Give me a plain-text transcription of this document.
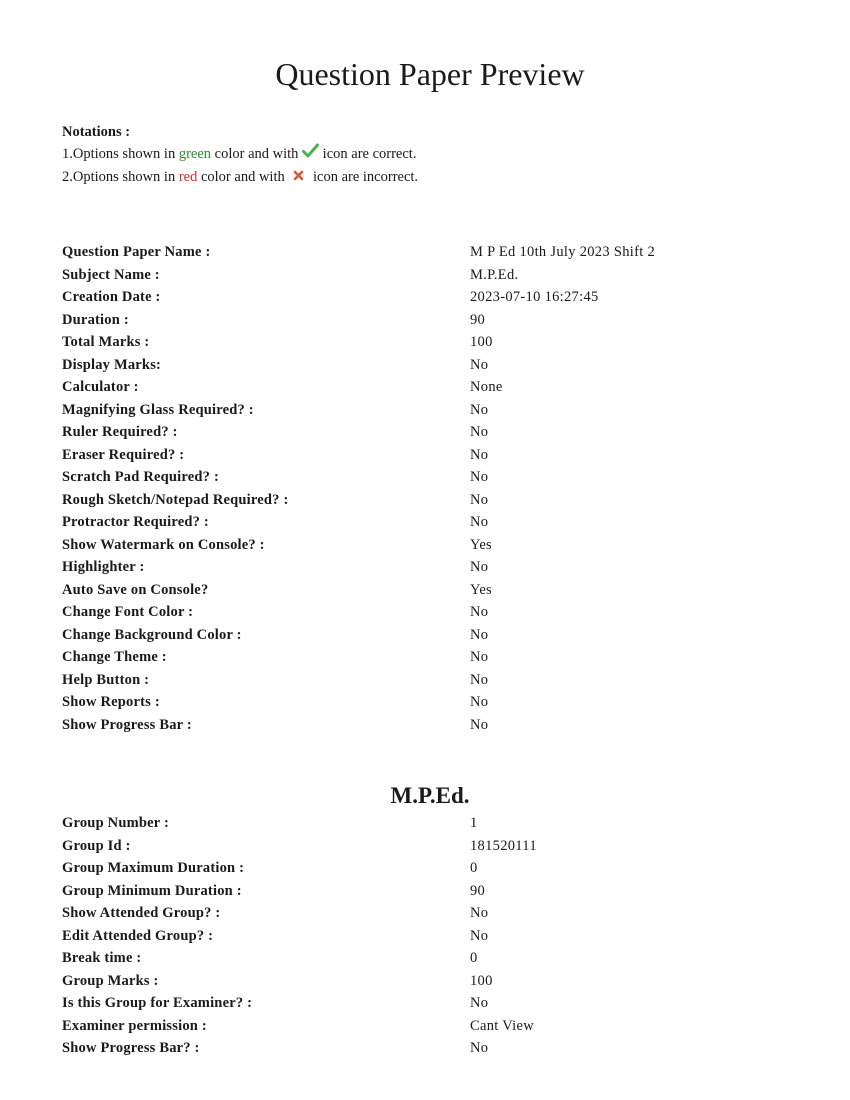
Question Paper Preview
Notations :
1.Options shown in green color and with  icon are correct.
2.Options shown in red color and with  icon are incorrect.
Question Paper Name :	M P Ed 10th July 2023 Shift 2
Subject Name :	M.P.Ed.
Creation Date :	2023-07-10 16:27:45
Duration :	90
Total Marks :	100
Display Marks:	No
Calculator :	None
Magnifying Glass Required? :	No
Ruler Required? :	No
Eraser Required? :	No
Scratch Pad Required? :	No
Rough Sketch/Notepad Required? :	No
Protractor Required? :	No
Show Watermark on Console? :	Yes
Highlighter :	No
Auto Save on Console?	Yes
Change Font Color :	No
Change Background Color :	No
Change Theme :	No
Help Button :	No
Show Reports :	No
Show Progress Bar :	No
M.P.Ed.
Group Number :	1
Group Id :	181520111
Group Maximum Duration :	0
Group Minimum Duration :	90
Show Attended Group? :	No
Edit Attended Group? :	No
Break time :	0
Group Marks :	100
Is this Group for Examiner? :	No
Examiner permission :	Cant View
Show Progress Bar? :	No
